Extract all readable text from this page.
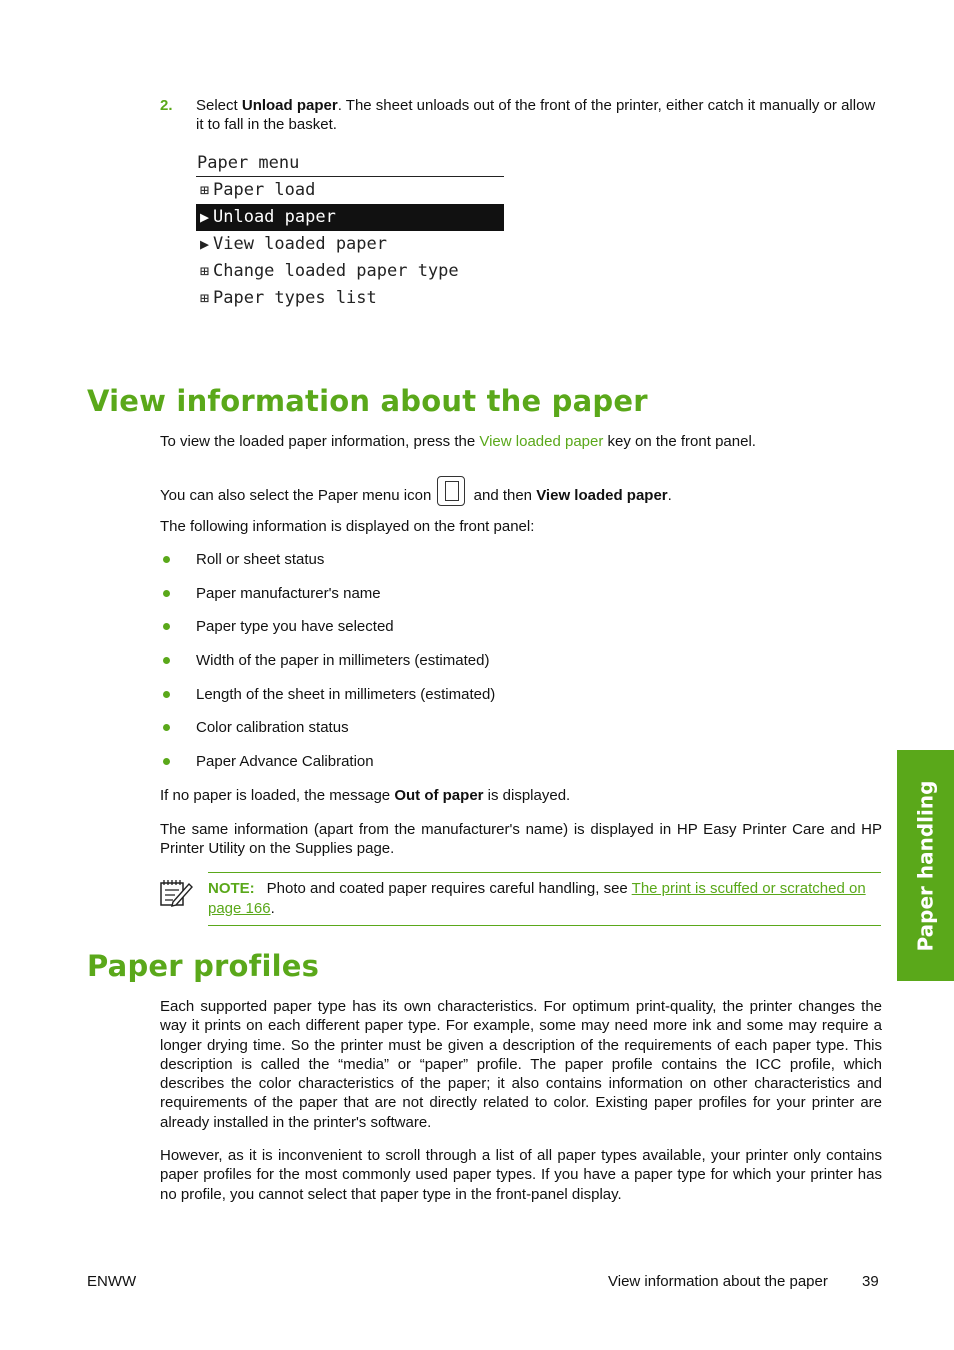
2. Select Unload paper. The sheet unloads out of the front of the printer, either catch it manually or allow it to fall in the basket.
Paper menu
⊞ Paper load
▶ Unload paper
▶ View loaded paper
⊞ Change loaded paper type
⊞ Paper types list
View information about the paper
To view the loaded paper information, press the View loaded paper key on the front panel.
You can also select the Paper menu icon
and then View loaded paper.
The following information is displayed on the front panel:
Roll or sheet status
Paper manufacturer's name
Paper type you have selected
Width of the paper in millimeters (estimated)
Length of the sheet in millimeters (estimated)
Color calibration status
Paper Advance Calibration
If no paper is loaded, the message Out of paper is displayed.
The same information (apart from the manufacturer's name) is displayed in HP Easy Printer Care and HP Printer Utility on the Supplies page.
NOTE: Photo and coated paper requires careful handling, see The print is scuffed or scratched on page 166.
Paper profiles
Each supported paper type has its own characteristics. For optimum print-quality, the printer changes the way it prints on each different paper type. For example, some may need more ink and some may require a longer drying time. So the printer must be given a description of the requirements of each paper type. This description is called the “media” or “paper” profile. The paper profile contains the ICC profile, which describes the color characteristics of the paper; it also contains information on other characteristics and requirements of the paper that are not directly related to color. Existing paper profiles for your printer are already installed in the printer's software.
However, as it is inconvenient to scroll through a list of all paper types available, your printer only contains paper profiles for the most commonly used paper types. If you have a paper type for which your printer has no profile, you cannot select that paper type in the front-panel display.
Paper handling
ENWW	View information about the paper 39
